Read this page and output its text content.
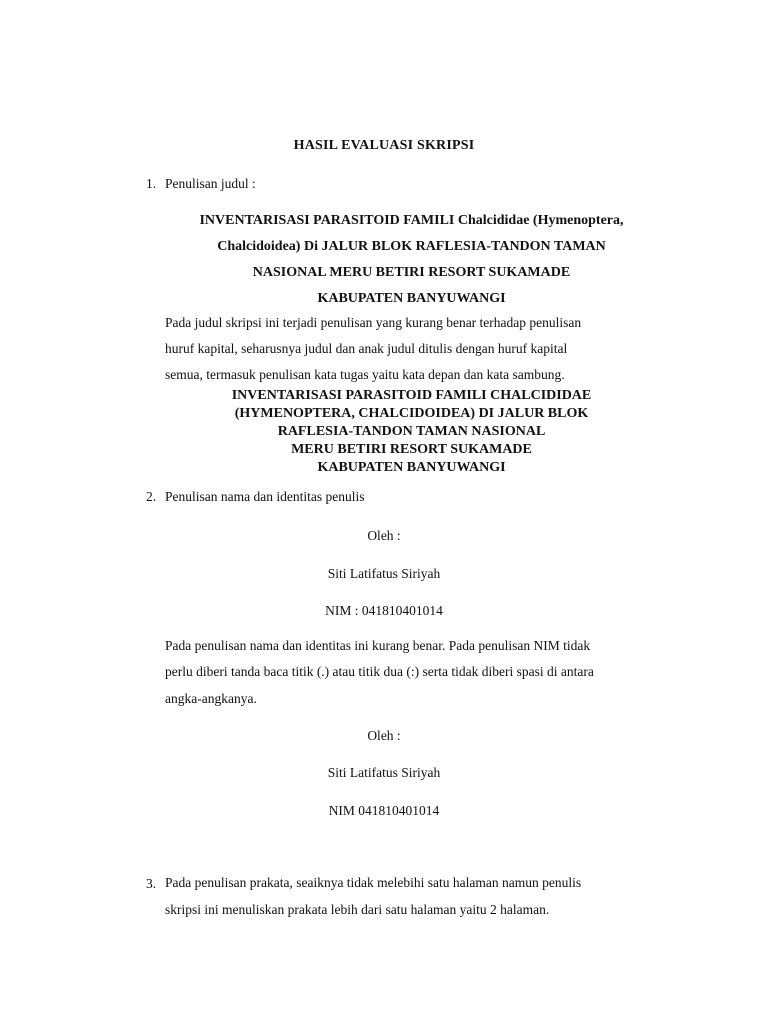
HASIL EVALUASI SKRIPSI
1. Penulisan judul :
INVENTARISASI PARASITOID FAMILI Chalcididae (Hymenoptera,
Chalcidoidea) Di JALUR BLOK RAFLESIA-TANDON TAMAN
NASIONAL MERU BETIRI RESORT SUKAMADE
KABUPATEN BANYUWANGI
Pada judul skripsi ini terjadi penulisan yang kurang benar terhadap penulisan
huruf kapital, seharusnya judul dan anak judul ditulis dengan huruf kapital
semua, termasuk penulisan kata tugas yaitu kata depan dan kata sambung.
INVENTARISASI PARASITOID FAMILI CHALCIDIDAE
(HYMENOPTERA, CHALCIDOIDEA) DI JALUR BLOK
RAFLESIA-TANDON TAMAN NASIONAL
MERU BETIRI RESORT SUKAMADE
KABUPATEN BANYUWANGI
2. Penulisan nama dan identitas penulis
Oleh :
Siti Latifatus Siriyah
NIM : 041810401014
Pada penulisan nama dan identitas ini kurang benar. Pada penulisan NIM tidak
perlu diberi tanda baca titik (.) atau titik dua (:) serta tidak diberi spasi di antara
angka-angkanya.
Oleh :
Siti Latifatus Siriyah
NIM 041810401014
3. Pada penulisan prakata, seaiknya tidak melebihi satu halaman namun penulis
skripsi ini menuliskan prakata lebih dari satu halaman yaitu 2 halaman.
